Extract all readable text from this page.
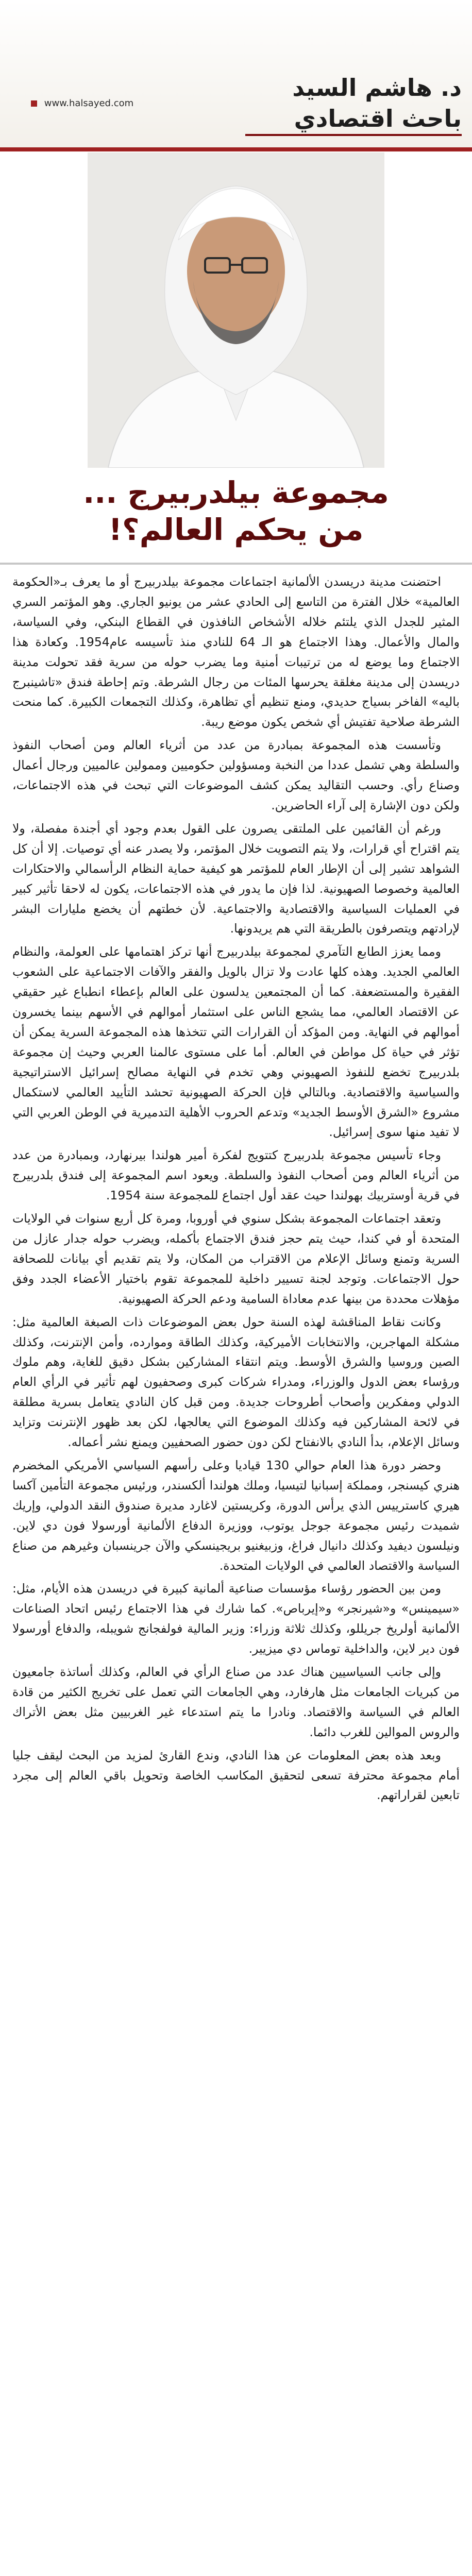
www.halsayed.com
د. هاشم السيد
باحث اقتصادي
مجموعة بيلدربيرج ...
من يحكم العالم؟!

احتضنت مدينة دريسدن الألمانية اجتماعات مجموعة بيلدربيرج أو ما يعرف بـ«الحكومة العالمية» خلال الفترة من التاسع إلى الحادي عشر من يونيو الجاري. وهو المؤتمر السري المثير للجدل الذي يلتئم خلاله الأشخاص النافذون في القطاع البنكي، وفي السياسة، والمال والأعمال. وهذا الاجتماع هو الـ 64 للنادي منذ تأسيسه عام1954. وكعادة هذا الاجتماع وما يوضع له من ترتيبات أمنية وما يضرب حوله من سرية فقد تحولت مدينة دريسدن إلى مدينة مغلقة يحرسها المئات من رجال الشرطة. وتم إحاطة فندق «تاشينبرج باليه» الفاخر بسياج حديدي، ومنع تنظيم أي تظاهرة، وكذلك التجمعات الكبيرة. كما منحت الشرطة صلاحية تفتيش أي شخص يكون موضع ريبة.

وتأسست هذه المجموعة بمبادرة من عدد من أثرياء العالم ومن أصحاب النفوذ والسلطة وهي تشمل عددا من النخبة ومسؤولين حكوميين وممولين عالميين ورجال أعمال وصناع رأي. وحسب التقاليد يمكن كشف الموضوعات التي تبحث في هذه الاجتماعات، ولكن دون الإشارة إلى آراء الحاضرين.

ورغم أن القائمين على الملتقى يصرون على القول بعدم وجود أي أجندة مفصلة، ولا يتم اقتراح أي قرارات، ولا يتم التصويت خلال المؤتمر، ولا يصدر عنه أي توصيات. إلا أن كل الشواهد تشير إلى أن الإطار العام للمؤتمر هو كيفية حماية النظام الرأسمالي والاحتكارات العالمية وخصوصا الصهيونية. لذا فإن ما يدور في هذه الاجتماعات، يكون له لاحقا تأثير كبير في العمليات السياسية والاقتصادية والاجتماعية. لأن خطتهم أن يخضع مليارات البشر لإرادتهم ويتصرفون بالطريقة التي هم يريدونها.

ومما يعزز الطابع التآمري لمجموعة بيلدربيرج أنها تركز اهتمامها على العولمة، والنظام العالمي الجديد. وهذه كلها عادت ولا تزال بالويل والفقر والآفات الاجتماعية على الشعوب الفقيرة والمستضعفة. كما أن المجتمعين يدلسون على العالم بإعطاء انطباع غير حقيقي عن الاقتصاد العالمي، مما يشجع الناس على استثمار أموالهم في الأسهم بينما يخسرون أموالهم في النهاية. ومن المؤكد أن القرارات التي تتخذها هذه المجموعة السرية يمكن أن تؤثر في حياة كل مواطن في العالم. أما على مستوى عالمنا العربي وحيث إن مجموعة بلدربيرج تخضع للنفوذ الصهيوني وهي تخدم في النهاية مصالح إسرائيل الاستراتيجية والسياسية والاقتصادية. وبالتالي فإن الحركة الصهيونية تحشد التأييد العالمي لاستكمال مشروع «الشرق الأوسط الجديد» وتدعم الحروب الأهلية التدميرية في الوطن العربي التي لا تفيد منها سوى إسرائيل.

وجاء تأسيس مجموعة بلدربيرج كتتويج لفكرة أمير هولندا بيرنهارد، وبمبادرة من عدد من أثرياء العالم ومن أصحاب النفوذ والسلطة. ويعود اسم المجموعة إلى فندق بلدربيرج في قرية أوستربيك بهولندا حيث عقد أول اجتماع للمجموعة سنة 1954.

وتعقد اجتماعات المجموعة بشكل سنوي في أوروبا، ومرة كل أربع سنوات في الولايات المتحدة أو في كندا، حيث يتم حجز فندق الاجتماع بأكمله، ويضرب حوله جدار عازل من السرية وتمنع وسائل الإعلام من الاقتراب من المكان، ولا يتم تقديم أي بيانات للصحافة حول الاجتماعات. وتوجد لجنة تسيير داخلية للمجموعة تقوم باختيار الأعضاء الجدد وفق مؤهلات محددة من بينها عدم معاداة السامية ودعم الحركة الصهيونية.

وكانت نقاط المناقشة لهذه السنة حول بعض الموضوعات ذات الصبغة العالمية مثل: مشكلة المهاجرين، والانتخابات الأميركية، وكذلك الطاقة وموارده، وأمن الإنترنت، وكذلك الصين وروسيا والشرق الأوسط. ويتم انتقاء المشاركين بشكل دقيق للغاية، وهم ملوك ورؤساء بعض الدول والوزراء، ومدراء شركات كبرى وصحفيون لهم تأثير في الرأي العام الدولي ومفكرين وأصحاب أطروحات جديدة. ومن قبل كان النادي يتعامل بسرية مطلقة في لائحة المشاركين فيه وكذلك الموضوع التي يعالجها، لكن بعد ظهور الإنترنت وتزايد وسائل الإعلام، بدأ النادي بالانفتاح لكن دون حضور الصحفيين ويمنع نشر أعماله.

وحضر دورة هذا العام حوالي 130 قياديا وعلى رأسهم السياسي الأمريكي المخضرم هنري كيسنجر، ومملكة إسبانيا لتيسيا، وملك هولندا ألكسندر، ورئيس مجموعة التأمين آكسا هيري كاسترييس الذي يرأس الدورة، وكريستين لاغارد مديرة صندوق النقد الدولي، وإريك شميدت رئيس مجموعة جوجل يوتوب، ووزيرة الدفاع الألمانية أورسولا فون دي لاين. ونيلسون ديفيد وكذلك دانيال فراغ، وزبيغنيو بريجينسكي والآن جرينسبان وغيرهم من صناع السياسة والاقتصاد العالمي في الولايات المتحدة.

ومن بين الحضور رؤساء مؤسسات صناعية ألمانية كبيرة في دريسدن هذه الأيام، مثل: «سيمينس» و«شيرنجر» و«إيرباص». كما شارك في هذا الاجتماع رئيس اتحاد الصناعات الألمانية أولريخ جريللو، وكذلك ثلاثة وزراء: وزير المالية فولفجانج شويبله، والدفاع أورسولا فون دير لاين، والداخلية توماس دي ميزيير.

وإلى جانب السياسيين هناك عدد من صناع الرأي في العالم، وكذلك أساتذة جامعيون من كبريات الجامعات مثل هارفارد، وهي الجامعات التي تعمل على تخريج الكثير من قادة العالم في السياسة والاقتصاد. ونادرا ما يتم استدعاء غير الغربيين مثل بعض الأتراك والروس الموالين للغرب دائما.

وبعد هذه بعض المعلومات عن هذا النادي، وندع القارئ لمزيد من البحث ليقف جليا أمام مجموعة محترفة تسعى لتحقيق المكاسب الخاصة وتحويل باقي العالم إلى مجرد تابعين لقراراتهم.
